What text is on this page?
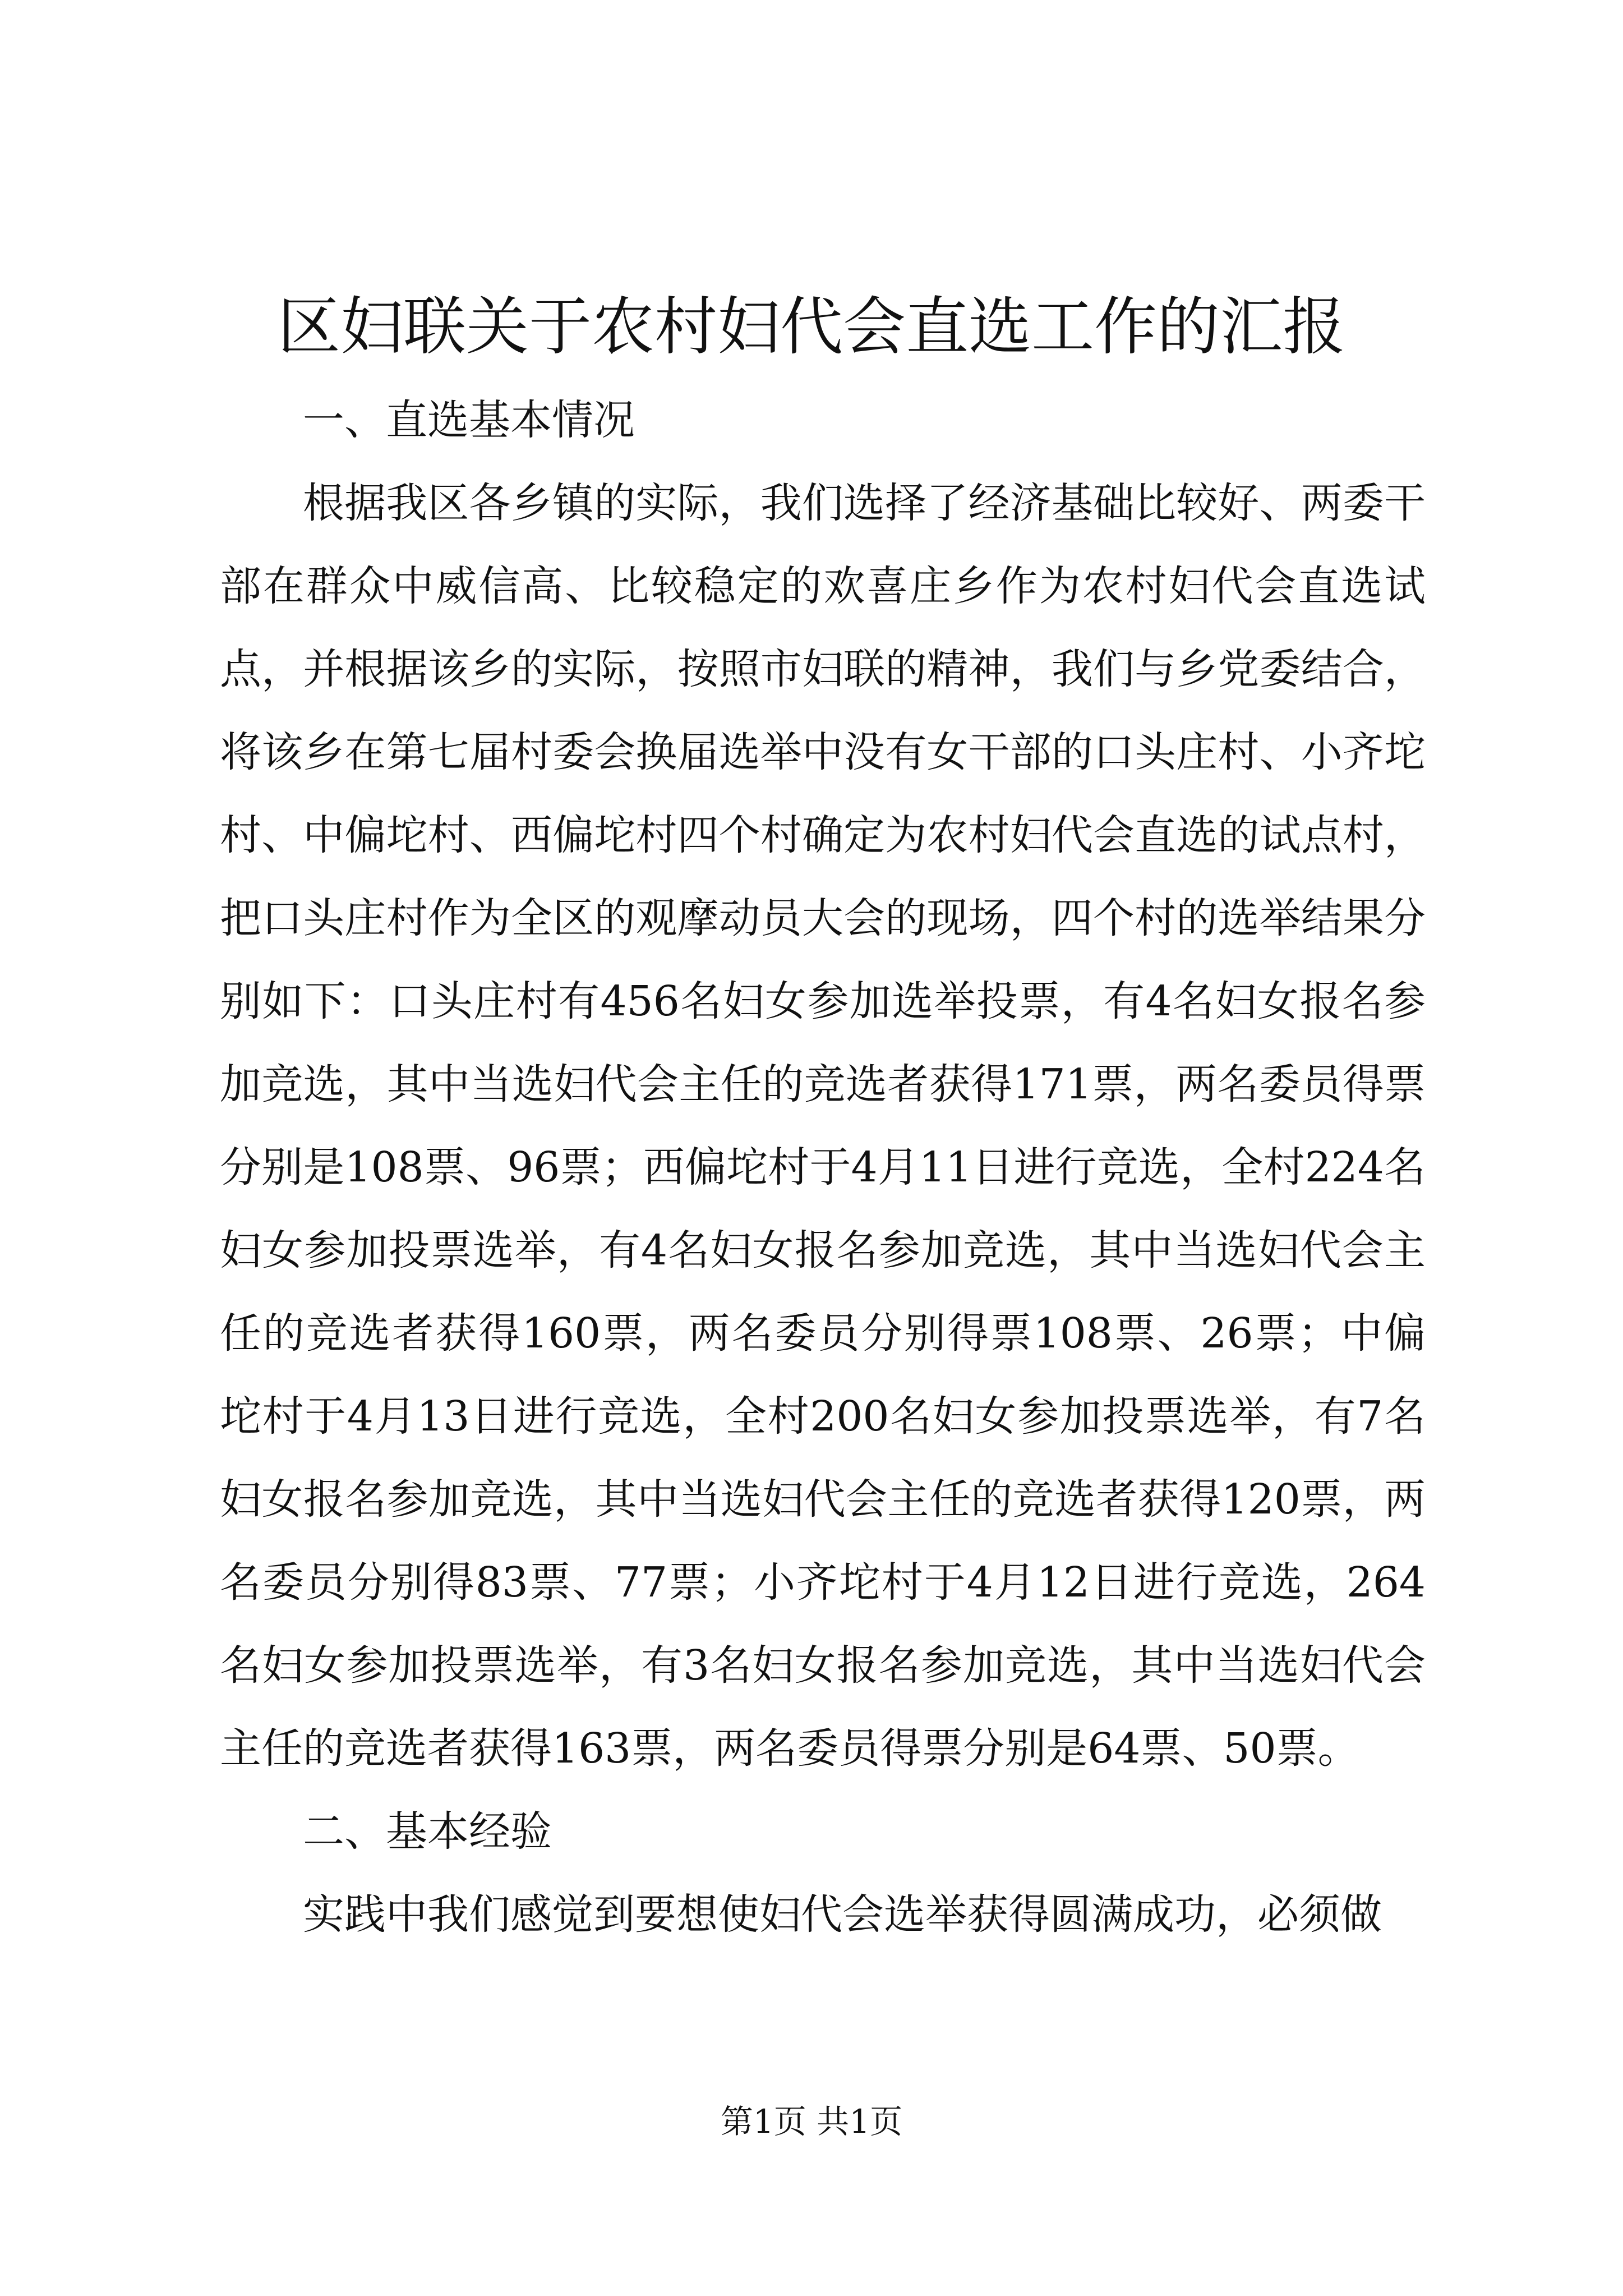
区妇联关于农村妇代会直选工作的汇报

一、直选基本情况

根据我区各乡镇的实际，我们选择了经济基础比较好、两委干部在群众中威信高、比较稳定的欢喜庄乡作为农村妇代会直选试点，并根据该乡的实际，按照市妇联的精神，我们与乡党委结合，将该乡在第七届村委会换届选举中没有女干部的口头庄村、小齐坨村、中偏坨村、西偏坨村四个村确定为农村妇代会直选的试点村，把口头庄村作为全区的观摩动员大会的现场，四个村的选举结果分别如下：口头庄村有456名妇女参加选举投票，有4名妇女报名参加竞选，其中当选妇代会主任的竞选者获得171票，两名委员得票分别是108票、96票；西偏坨村于4月11日进行竞选，全村224名妇女参加投票选举，有4名妇女报名参加竞选，其中当选妇代会主任的竞选者获得160票，两名委员分别得票108票、26票；中偏坨村于4月13日进行竞选，全村200名妇女参加投票选举，有7名妇女报名参加竞选，其中当选妇代会主任的竞选者获得120票，两名委员分别得83票、77票；小齐坨村于4月12日进行竞选，264名妇女参加投票选举，有3名妇女报名参加竞选，其中当选妇代会主任的竞选者获得163票，两名委员得票分别是64票、50票。

二、基本经验

实践中我们感觉到要想使妇代会选举获得圆满成功，必须做

第1页 共1页
